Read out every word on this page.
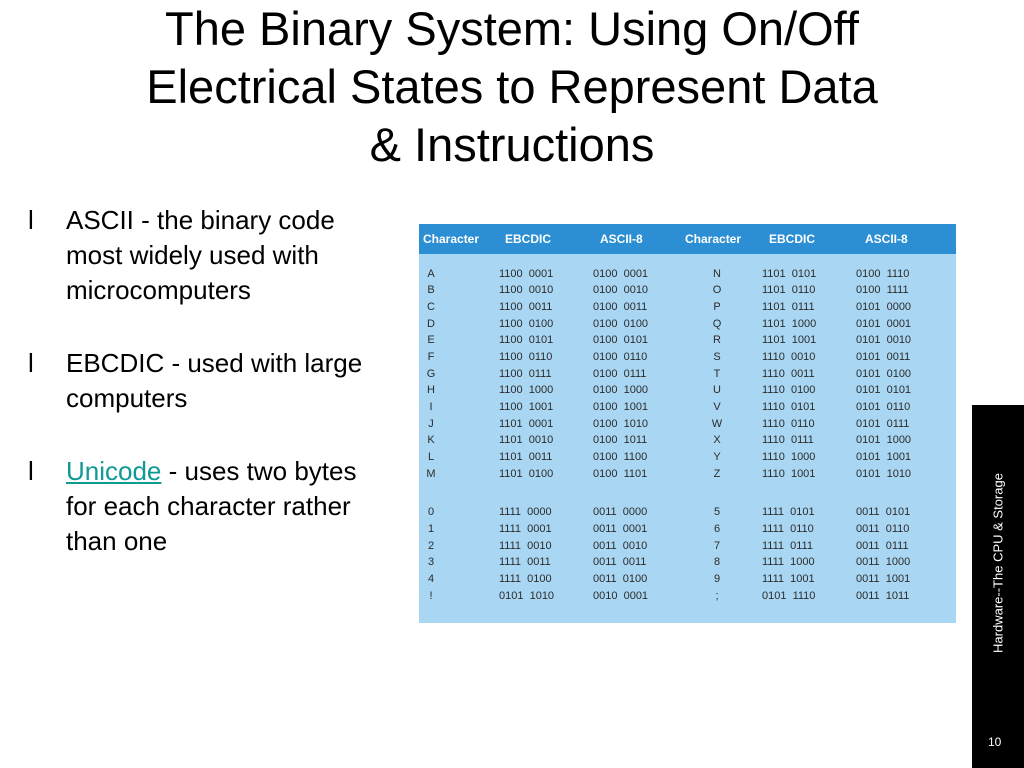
The Binary System: Using On/Off
Electrical States to Represent Data
& Instructions
l ASCII - the binary code most widely used with microcomputers
l EBCDIC - used with large computers
l Unicode - uses two bytes for each character rather than one
Character EBCDIC	ASCII-8	Character EBCDIC	ASCII-8
A	1100  0001	0100  0001	N	1101  0101	0100  1110
B	1100  0010	0100  0010	O	1101  0110	0100  1111
C	1100  0011	0100  0011	P	1101  0111	0101  0000
D	1100  0100	0100  0100	Q	1101  1000	0101  0001
E	1100  0101	0100  0101	R	1101  1001	0101  0010
F	1100  0110	0100  0110	S	1110  0010	0101  0011
G	1100  0111	0100  0111	T	1110  0011	0101  0100
H	1100  1000	0100  1000	U	1110  0100	0101  0101
I	1100  1001	0100  1001	V	1110  0101	0101  0110
J	1101  0001	0100  1010	W	1110  0110	0101  0111
K	1101  0010	0100  1011	X	1110  0111	0101  1000
L	1101  0011	0100  1100	Y	1110  1000	0101  1001
M	1101  0100	0100  1101	Z	1110  1001	0101  1010
0	1111  0000	0011  0000	5	1111  0101	0011  0101
1	1111  0001	0011  0001	6	1111  0110	0011  0110
2	1111  0010	0011  0010	7	1111  0111	0011  0111
3	1111  0011	0011  0011	8	1111  1000	0011  1000
4	1111  0100	0011  0100	9	1111  1001	0011  1001
!	0101  1010	0010  0001	;	0101  1110	0011  1011	Hardware--The CPU & Storage
10
